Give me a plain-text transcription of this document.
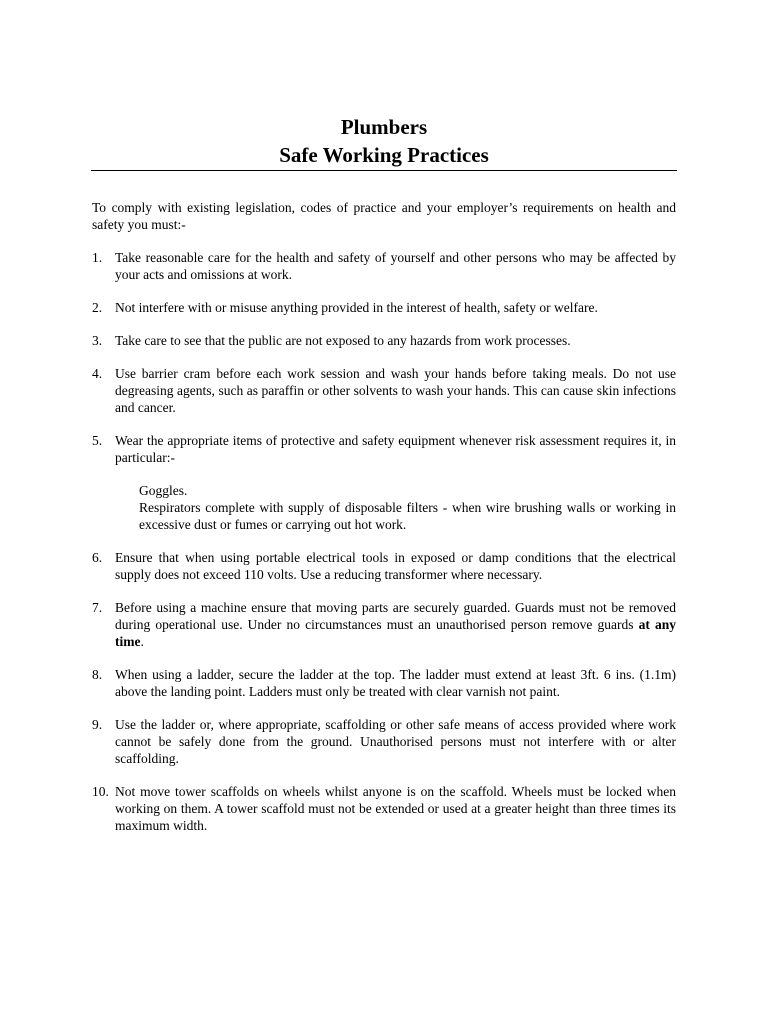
Plumbers
Safe Working Practices

To comply with existing legislation, codes of practice and your employer’s requirements on health and safety you must:-

1. Take reasonable care for the health and safety of yourself and other persons who may be affected by your acts and omissions at work.
2. Not interfere with or misuse anything provided in the interest of health, safety or welfare.
3. Take care to see that the public are not exposed to any hazards from work processes.
4. Use barrier cram before each work session and wash your hands before taking meals. Do not use degreasing agents, such as paraffin or other solvents to wash your hands. This can cause skin infections and cancer.
5. Wear the appropriate items of protective and safety equipment whenever risk assessment requires it, in particular:-
Goggles.
Respirators complete with supply of disposable filters - when wire brushing walls or working in excessive dust or fumes or carrying out hot work.
6. Ensure that when using portable electrical tools in exposed or damp conditions that the electrical supply does not exceed 110 volts. Use a reducing transformer where necessary.
7. Before using a machine ensure that moving parts are securely guarded. Guards must not be removed during operational use. Under no circumstances must an unauthorised person remove guards at any time.
8. When using a ladder, secure the ladder at the top. The ladder must extend at least 3ft. 6 ins. (1.1m) above the landing point. Ladders must only be treated with clear varnish not paint.
9. Use the ladder or, where appropriate, scaffolding or other safe means of access provided where work cannot be safely done from the ground. Unauthorised persons must not interfere with or alter scaffolding.
10. Not move tower scaffolds on wheels whilst anyone is on the scaffold. Wheels must be locked when working on them. A tower scaffold must not be extended or used at a greater height than three times its maximum width.
